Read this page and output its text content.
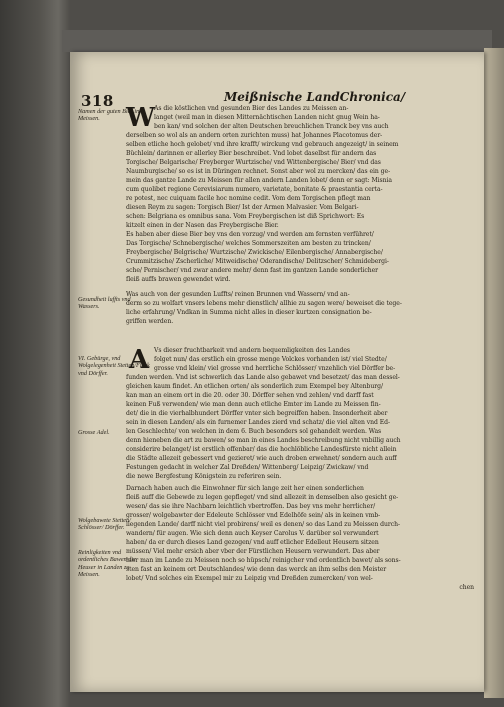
318	Meißnische LandChronica/
Namen der guten Bier in Meissen.
Gesundheit luffts vnd Wassers.
VI. Gebürge, vnd Wolgelegenheit Stetten/Fleck vnd Dörffer.
Grosse Adel.
Wolgebawete Stetten/ Schlösser/ Dörffer.
Reinligkeiten vnd ordentliches Bawen die Heuser in Landen zu Meissen.
W
As die köstlichen vnd gesunden Bier des Landes zu Meissen an-
langet (weil man in diesen Mitternächtischen Landen nicht gnug Wein ha-
ben kan/ vnd solchen der alten Deutschen breuchlichen Tranck bey vns auch
derselben so wol als an andern orten zurichten muss) hat Johannes Placotomus der-
selben etliche hoch gelobet/ vnd ihre krafft/ wirckung vnd gebrauch angezeigt/ in seinem
Büchlein/ darinnen er allerley Bier beschreibet. Vnd lobet daselbst für andern das
Torgische/ Belgarische/ Freyberger Wurtzische/ vnd Wittenbergische/ Bier/ vnd das
Naumburgische/ so es ist in Düringen rechnet. Sonst aber wol zu mercken/ das ein ge-
mein das gantze Lande zu Meissen für allen andern Landen lobet/ denn er sagt: Misnia
cum quolibet regione Cerevisiarum numero, varietate, bonitate & praestantia certa-
re potest, nec cuiquam facile hoc nomine cedit. Vom dem Torgischen pflegt man
diesen Reym zu sagen: Torgisch Bier/ Ist der Armen Malvasier. Vom Belgari-
schen: Belgriana es omnibus sana. Vom Freybergischen ist diß Sprichwort: Es
kitzelt einen in der Nasen das Freybergische Bier.
Es haben aber diese Bier bey vns den vorzug/ vnd werden am fernsten verführet/
Das Torgische/ Schnebergische/ welches Sommerszeiten am besten zu trincken/
Freybergische/ Belgrische/ Wurtzische/ Zwickische/ Eilenbergische/ Annabergische/
Crummitzische/ Zscherliche/ Mitweidische/ Oderandische/ Delitzscher/ Schmidebergi-
sche/ Pernischer/ vnd zwar andere mehr/ denn fast im gantzen Lande sonderlicher
fleiß auffs brawen gewendet wird.
Was auch von der gesunden Luffts/ reinen Brunnen vnd Wassern/ vnd an-
derm so zu wolfart vnsers lebens mehr dienstlich/ allhie zu sagen were/ beweiset die tege-
liche erfahrung/ Vndkan in Summa nicht alles in dieser kurtzen consignation be-
griffen werden.
A Vs dieser fruchtbarkeit vnd andern bequemligkeiten des Landes
folget nun/ das erstlich ein grosse menge Volckes vorhanden ist/ viel Stedte/
grosse vnd klein/ viel grosse vnd herrliche Schlösser/ vnzehlich viel Dörffer be-
funden werden. Vnd ist schwerlich das Lande also gebawet vnd besetzet/ das man dessel-
gleichen kaum findet. An etlichen orten/ als sonderlich zum Exempel bey Altenburg/
kan man an einem ort in die 20. oder 30. Dörffer sehen vnd zehlen/ vnd darff fast
keinen Fuß verwenden/ wie man denn auch etliche Emter im Lande zu Meissen fin-
det/ die in die vierhalbhundert Dörffer vnter sich begreiffen haben. Insonderheit aber
sein in diesen Landen/ als ein furnemer Landes zierd vnd schatz/ die viel alten vnd Ed-
len Geschlechte/ von welchen in dem 6. Buch besonders sol gehandelt werden. Was
denn hieneben die art zu bawen/ so man in eines Landes beschreibung nicht vnbillig auch
considerire belanget/ ist erstlich offenbar/ das die hochlöbliche Landesfürste nicht allein
die Städte allezeit gebessert vnd gezieret/ wie auch droben erwehnet/ sondern auch auff
Festungen gedacht in welcher Zal Dreßden/ Wittenberg/ Leipzig/ Zwickaw/ vnd
die newe Bergfestung Königstein zu referiren sein.
Darnach haben auch die Einwohner für sich lange zeit her einen sonderlichen
fleiß auff die Gebewde zu legen gepfleget/ vnd sind allezeit in demselben also gesicht ge-
wesen/ das sie ihre Nachbarn leichtlich vbertroffen. Das bey vns mehr herrlicher/
grosser/ wolgebawter der Edeleute Schlösser vnd Edelhöfe sein/ als in keinen vmb-
liegenden Lande/ darff nicht viel probirens/ weil es denen/ so das Land zu Meissen durch-
wandern/ für augen. Wie sich denn auch Keyser Carolus V. darüber sol verwundert
haben/ da er durch dieses Land gezogen/ vnd auff etlicher Edelleut Heusern sitzen
müssen/ Viel mehr ersich aber vber der Fürstlichen Heusern verwundert. Das aber
hier man im Lande zu Meissen noch so hüpsch/ reinigcher vnd ordentlich bawet/ als sons-
sten fast an keinem ort Deutschlandes/ wie denn das werck an ihm selbs den Meister
lobet/ Vnd solches ein Exempel mir zu Leipzig vnd Dreßden zumercken/ von wel-
chen
